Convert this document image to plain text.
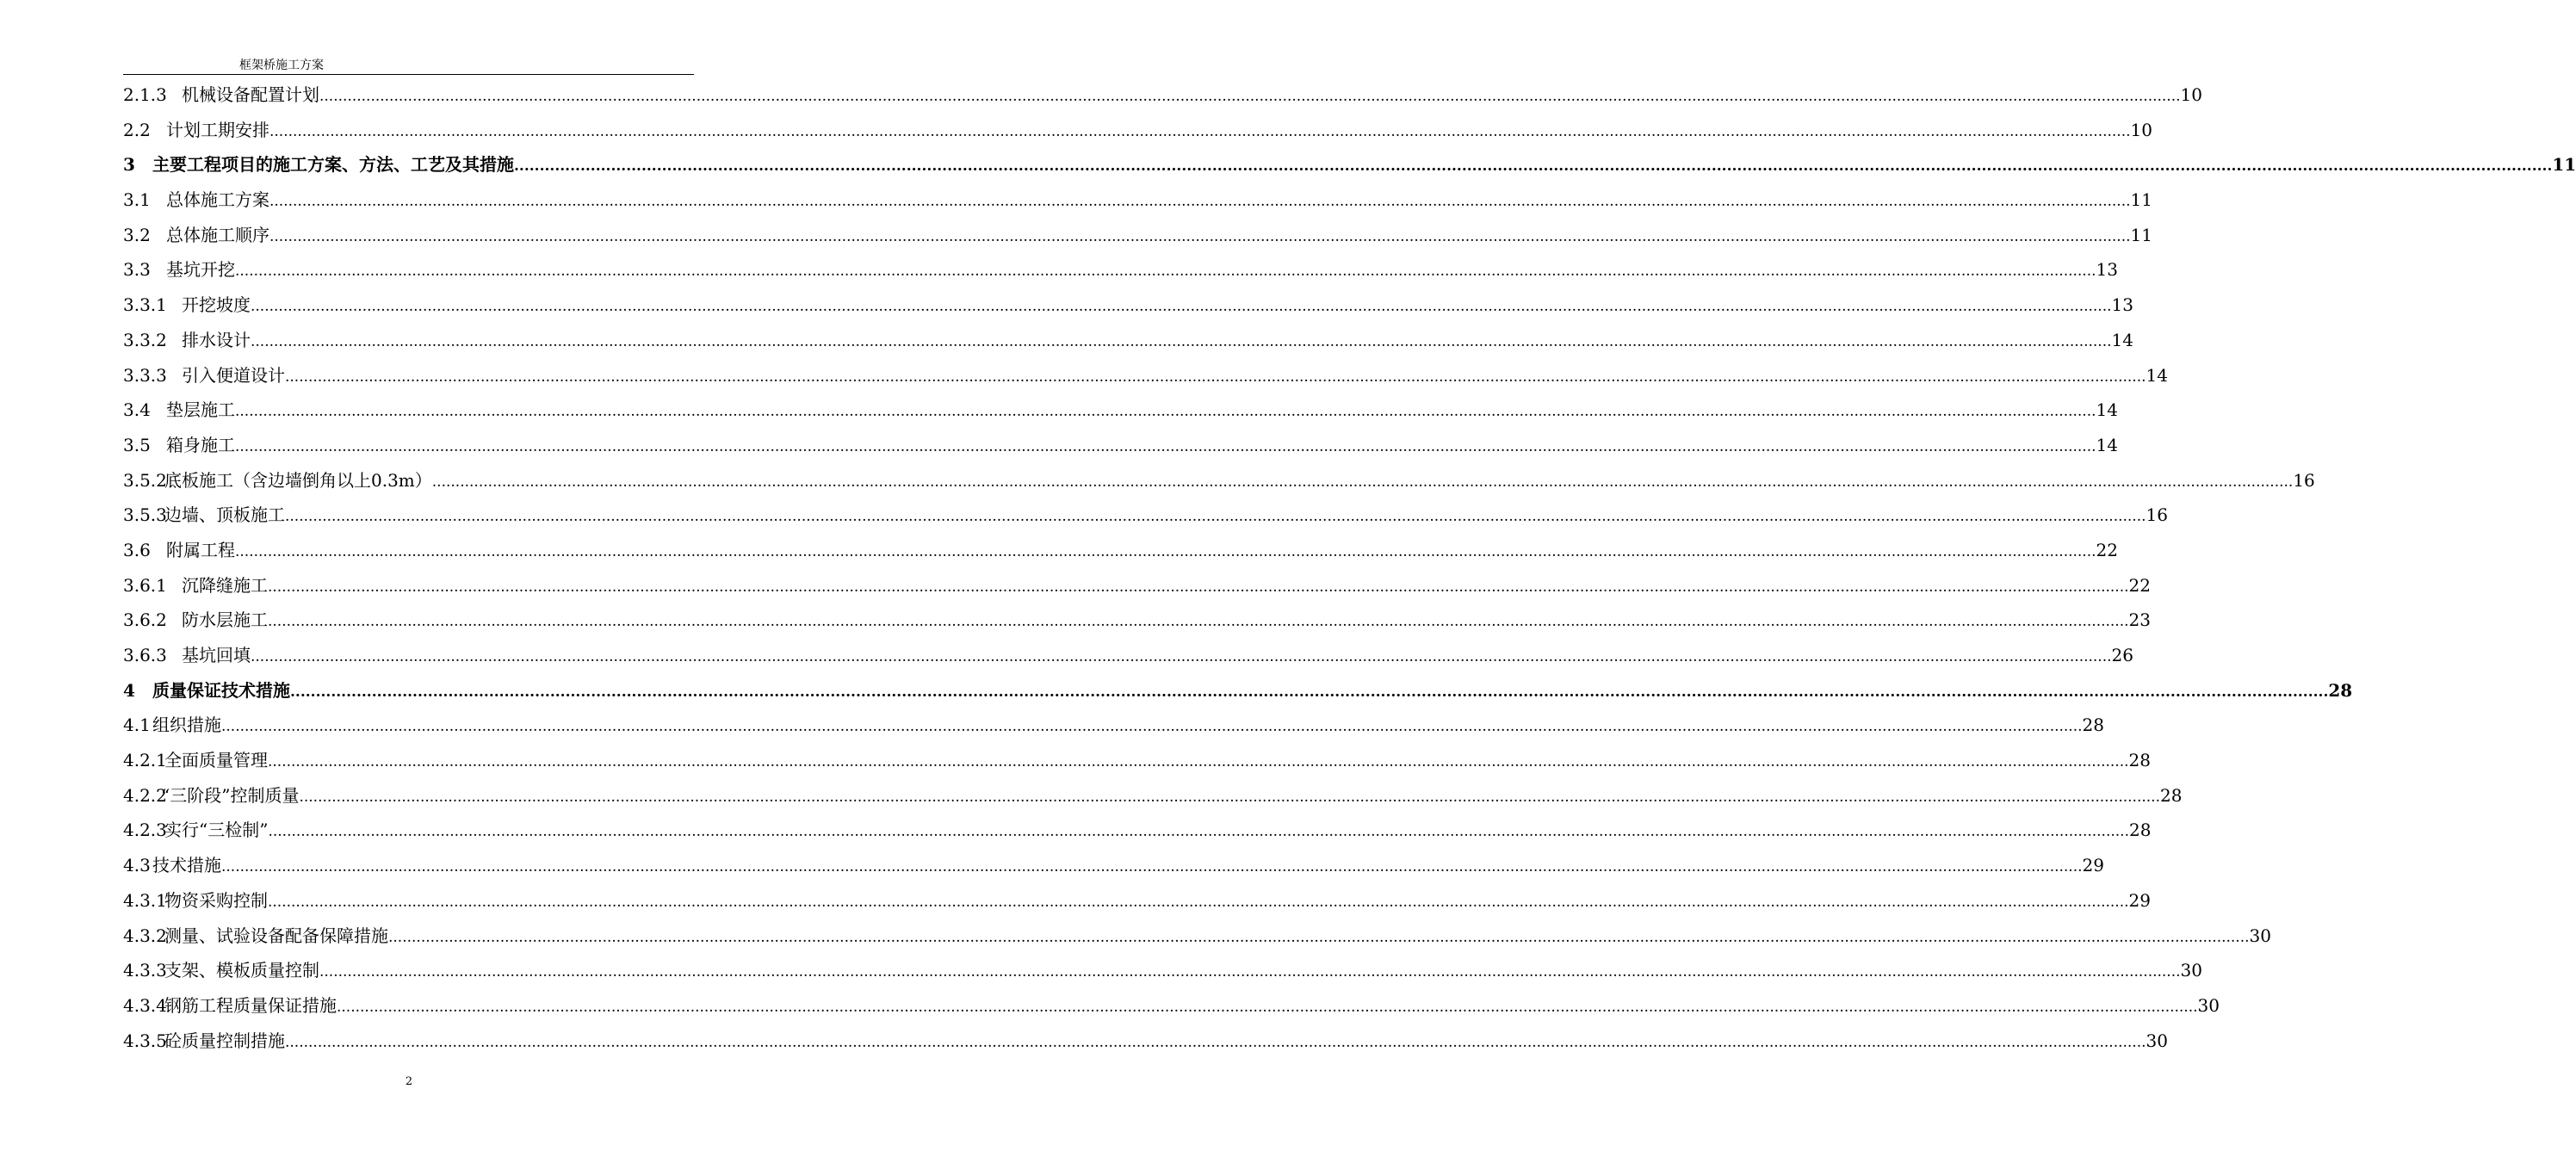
框架桥施工方案
2.1.3 机械设备配置计划 ................................................................................................................................................................................................................................................................................................................................................................................................................ 10
2.2 计划工期安排 ................................................................................................................................................................................................................................................................................................................................................................................................................ 10
3 主要工程项目的施工方案、方法、工艺及其措施 ................................................................................................................................................................................................................................................................................................................................................................................................................ 11
3.1 总体施工方案 ................................................................................................................................................................................................................................................................................................................................................................................................................ 11
3.2 总体施工顺序 ................................................................................................................................................................................................................................................................................................................................................................................................................ 11
3.3 基坑开挖 ................................................................................................................................................................................................................................................................................................................................................................................................................ 13
3.3.1 开挖坡度 ................................................................................................................................................................................................................................................................................................................................................................................................................ 13
3.3.2 排水设计 ................................................................................................................................................................................................................................................................................................................................................................................................................ 14
3.3.3 引入便道设计 ................................................................................................................................................................................................................................................................................................................................................................................................................ 14
3.4 垫层施工 ................................................................................................................................................................................................................................................................................................................................................................................................................ 14
3.5 箱身施工 ................................................................................................................................................................................................................................................................................................................................................................................................................ 14
3.5.2
底板施工（含边墙倒角以上0.3m） ................................................................................................................................................................................................................................................................................................................................................................................................................ 16
3.5.3
边墙、顶板施工 ................................................................................................................................................................................................................................................................................................................................................................................................................ 16
3.6 附属工程 ................................................................................................................................................................................................................................................................................................................................................................................................................ 22
3.6.1 沉降缝施工 ................................................................................................................................................................................................................................................................................................................................................................................................................ 22
3.6.2 防水层施工 ................................................................................................................................................................................................................................................................................................................................................................................................................ 23
3.6.3 基坑回填 ................................................................................................................................................................................................................................................................................................................................................................................................................ 26
4 质量保证技术措施 ................................................................................................................................................................................................................................................................................................................................................................................................................ 28
4.1 组织措施 ................................................................................................................................................................................................................................................................................................................................................................................................................ 28
4.2.1
全面质量管理 ................................................................................................................................................................................................................................................................................................................................................................................................................ 28
4.2.2
“三阶段”控制质量 ................................................................................................................................................................................................................................................................................................................................................................................................................ 28
4.2.3
实行“三检制” ................................................................................................................................................................................................................................................................................................................................................................................................................ 28
4.3 技术措施 ................................................................................................................................................................................................................................................................................................................................................................................................................ 29
4.3.1
物资采购控制 ................................................................................................................................................................................................................................................................................................................................................................................................................ 29
4.3.2
测量、试验设备配备保障措施 ................................................................................................................................................................................................................................................................................................................................................................................................................ 30
4.3.3
支架、模板质量控制 ................................................................................................................................................................................................................................................................................................................................................................................................................ 30
4.3.4
钢筋工程质量保证措施 ................................................................................................................................................................................................................................................................................................................................................................................................................ 30
4.3.5
砼质量控制措施 ................................................................................................................................................................................................................................................................................................................................................................................................................ 30
2
